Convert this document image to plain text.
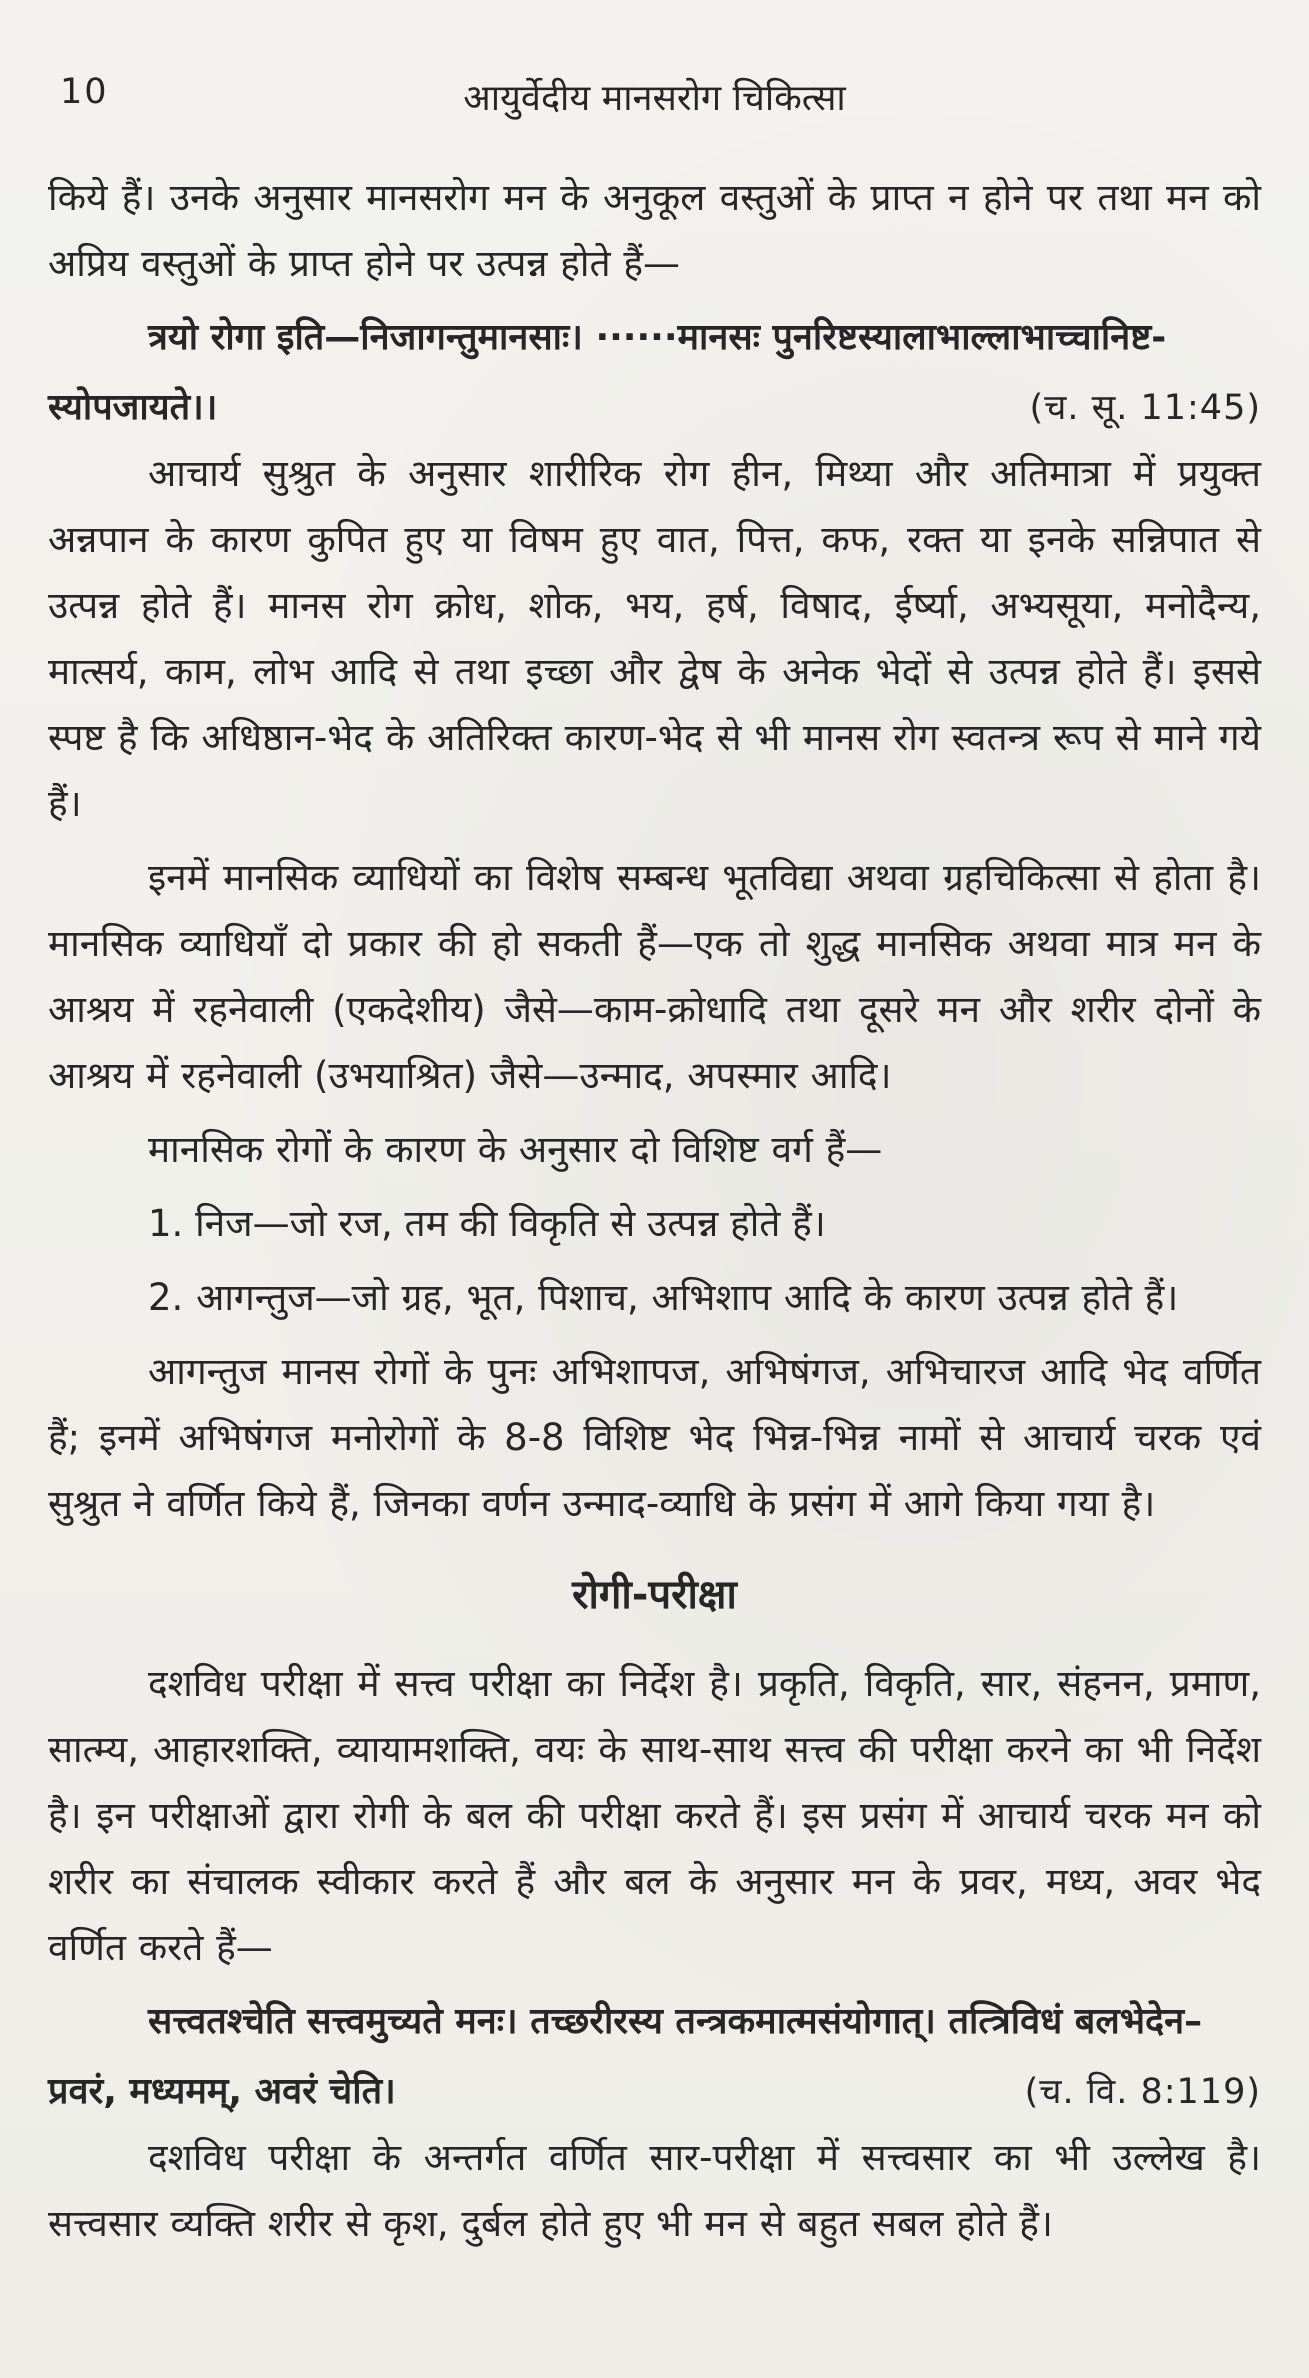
10	आयुर्वेदीय मानसरोग चिकित्सा

किये हैं। उनके अनुसार मानसरोग मन के अनुकूल वस्तुओं के प्राप्त न होने पर तथा मन को अप्रिय वस्तुओं के प्राप्त होने पर उत्पन्न होते हैं—

त्रयो रोगा इति—निजागन्तुमानसाः। ······मानसः पुनरिष्टस्यालाभाल्लाभाच्चानिष्ट-
स्योपजायते।।	(च. सू. 11:45)

आचार्य सुश्रुत के अनुसार शारीरिक रोग हीन, मिथ्या और अतिमात्रा में प्रयुक्त अन्नपान के कारण कुपित हुए या विषम हुए वात, पित्त, कफ, रक्त या इनके सन्निपात से उत्पन्न होते हैं। मानस रोग क्रोध, शोक, भय, हर्ष, विषाद, ईर्ष्या, अभ्यसूया, मनोदैन्य, मात्सर्य, काम, लोभ आदि से तथा इच्छा और द्वेष के अनेक भेदों से उत्पन्न होते हैं। इससे स्पष्ट है कि अधिष्ठान-भेद के अतिरिक्त कारण-भेद से भी मानस रोग स्वतन्त्र रूप से माने गये हैं।

इनमें मानसिक व्याधियों का विशेष सम्बन्ध भूतविद्या अथवा ग्रहचिकित्सा से होता है। मानसिक व्याधियाँ दो प्रकार की हो सकती हैं—एक तो शुद्ध मानसिक अथवा मात्र मन के आश्रय में रहनेवाली (एकदेशीय) जैसे—काम-क्रोधादि तथा दूसरे मन और शरीर दोनों के आश्रय में रहनेवाली (उभयाश्रित) जैसे—उन्माद, अपस्मार आदि।

मानसिक रोगों के कारण के अनुसार दो विशिष्ट वर्ग हैं—

1. निज—जो रज, तम की विकृति से उत्पन्न होते हैं।

2. आगन्तुज—जो ग्रह, भूत, पिशाच, अभिशाप आदि के कारण उत्पन्न होते हैं।

आगन्तुज मानस रोगों के पुनः अभिशापज, अभिषंगज, अभिचारज आदि भेद वर्णित हैं; इनमें अभिषंगज मनोरोगों के 8-8 विशिष्ट भेद भिन्न-भिन्न नामों से आचार्य चरक एवं सुश्रुत ने वर्णित किये हैं, जिनका वर्णन उन्माद-व्याधि के प्रसंग में आगे किया गया है।

रोगी-परीक्षा

दशविध परीक्षा में सत्त्व परीक्षा का निर्देश है। प्रकृति, विकृति, सार, संहनन, प्रमाण, सात्म्य, आहारशक्ति, व्यायामशक्ति, वयः के साथ-साथ सत्त्व की परीक्षा करने का भी निर्देश है। इन परीक्षाओं द्वारा रोगी के बल की परीक्षा करते हैं। इस प्रसंग में आचार्य चरक मन को शरीर का संचालक स्वीकार करते हैं और बल के अनुसार मन के प्रवर, मध्य, अवर भेद वर्णित करते हैं—

सत्त्वतश्चेति सत्त्वमुच्यते मनः। तच्छरीरस्य तन्त्रकमात्मसंयोगात्। तत्त्रिविधं बलभेदेन–
प्रवरं, मध्यमम्, अवरं चेति।	(च. वि. 8:119)

दशविध परीक्षा के अन्तर्गत वर्णित सार-परीक्षा में सत्त्वसार का भी उल्लेख है। सत्त्वसार व्यक्ति शरीर से कृश, दुर्बल होते हुए भी मन से बहुत सबल होते हैं।
